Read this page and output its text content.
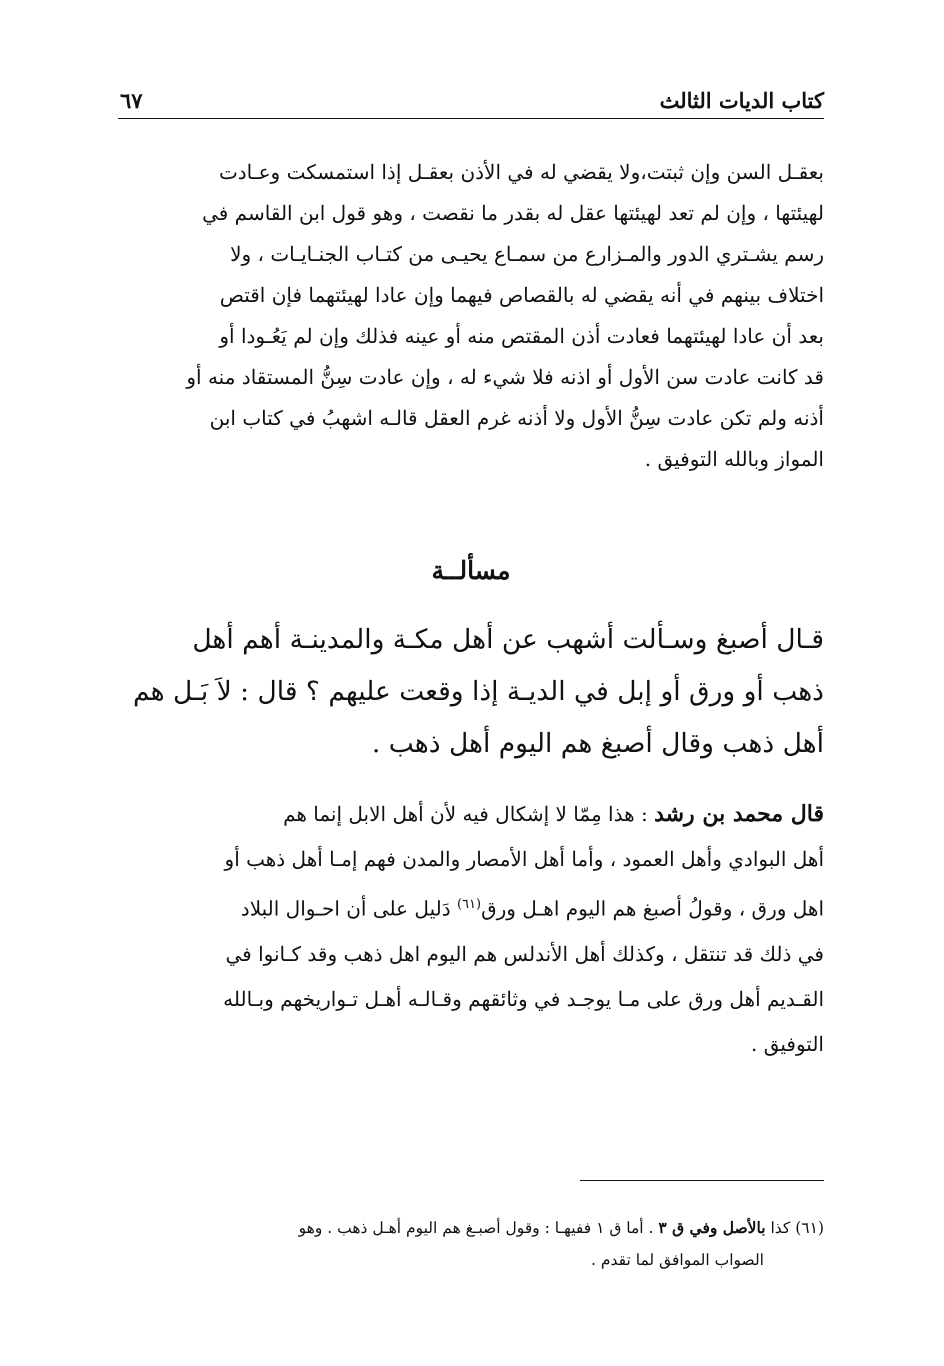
كتاب الديات الثالث
٦٧
بعقـل السن وإن ثبتت،ولا يقضي له في الأذن بعقـل إذا استمسكت وعـادت
لهيئتها ، وإن لم تعد لهيئتها عقل له بقدر ما نقصت ، وهو قول ابن القاسم في
رسم يشـتري الدور والمـزارع من سمـاع يحيـى من كتـاب الجنـايـات ، ولا
اختلاف بينهم في أنه يقضي له بالقصاص فيهما وإن عادا لهيئتهما فإن اقتص
بعد أن عادا لهيئتهما فعادت أذن المقتص منه أو عينه فذلك وإن لم يَعُـودا أو
قد كانت عادت سن الأول أو اذنه فلا شيء له ، وإن عادت سِنُّ المستقاد منه أو
أذنه ولم تكن عادت سِنُّ الأول ولا أذنه غرم العقل قالـه اشهبُ في كتاب ابن
المواز وبالله التوفيق .
مسألــة
قـال أصبغ وسـألت أشهب عن أهل مكـة والمدينـة أهم أهل
ذهب أو ورق أو إبل في الديـة إذا وقعت عليهم ؟ قال : لاَ بَـل هم
أهل ذهب وقال أصبغ هم اليوم أهل ذهب .
قال محمد بن رشد : هذا مِمّا لا إشكال فيه لأن أهل الابل إنما هم
أهل البوادي وأهل العمود ، وأما أهل الأمصار والمدن فهم إمـا أهل ذهب أو
اهل ورق ، وقولُ أصبغ هم اليوم اهـل ورق$^{(٦١)}$ دَليل على أن احـوال البلاد
في ذلك قد تنتقل ، وكذلك أهل الأندلس هم اليوم اهل ذهب وقد كـانوا في
القـديم أهل ورق على مـا يوجـد في وثائقهم وقـالـه أهـل تـواريخهم وبـالله
التوفيق .
(٦١) كذا بالأصل وفي ق ٣ . أما ق ١ ففيهـا : وقول أصبـغ هم اليوم أهـل ذهب . وهو
الصواب الموافق لما تقدم .
